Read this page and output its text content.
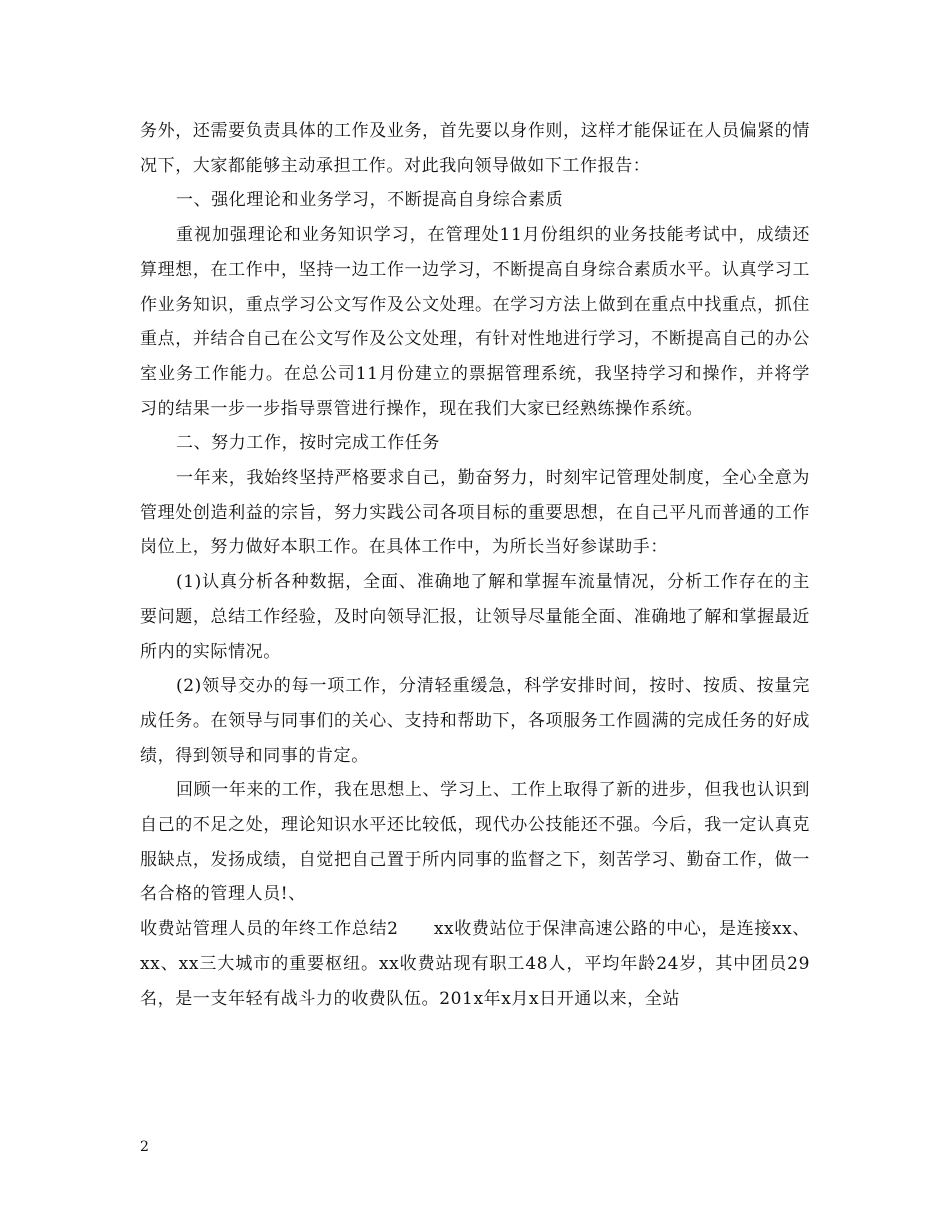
务外，还需要负责具体的工作及业务，首先要以身作则，这样才能保证在人员偏紧的情况下，大家都能够主动承担工作。对此我向领导做如下工作报告：

一、强化理论和业务学习，不断提高自身综合素质

重视加强理论和业务知识学习，在管理处11月份组织的业务技能考试中，成绩还算理想，在工作中，坚持一边工作一边学习，不断提高自身综合素质水平。认真学习工作业务知识，重点学习公文写作及公文处理。在学习方法上做到在重点中找重点，抓住重点，并结合自己在公文写作及公文处理，有针对性地进行学习，不断提高自己的办公室业务工作能力。在总公司11月份建立的票据管理系统，我坚持学习和操作，并将学习的结果一步一步指导票管进行操作，现在我们大家已经熟练操作系统。

二、努力工作，按时完成工作任务

一年来，我始终坚持严格要求自己，勤奋努力，时刻牢记管理处制度，全心全意为管理处创造利益的宗旨，努力实践公司各项目标的重要思想，在自己平凡而普通的工作岗位上，努力做好本职工作。在具体工作中，为所长当好参谋助手：

(1)认真分析各种数据，全面、准确地了解和掌握车流量情况，分析工作存在的主要问题，总结工作经验，及时向领导汇报，让领导尽量能全面、准确地了解和掌握最近所内的实际情况。

(2)领导交办的每一项工作，分清轻重缓急，科学安排时间，按时、按质、按量完成任务。在领导与同事们的关心、支持和帮助下，各项服务工作圆满的完成任务的好成绩，得到领导和同事的肯定。

回顾一年来的工作，我在思想上、学习上、工作上取得了新的进步，但我也认识到自己的不足之处，理论知识水平还比较低，现代办公技能还不强。今后，我一定认真克服缺点，发扬成绩，自觉把自己置于所内同事的监督之下，刻苦学习、勤奋工作，做一名合格的管理人员!、

收费站管理人员的年终工作总结2　　xx收费站位于保津高速公路的中心，是连接xx、xx、xx三大城市的重要枢纽。xx收费站现有职工48人，平均年龄24岁，其中团员29名，是一支年轻有战斗力的收费队伍。201x年x月x日开通以来，全站

2
